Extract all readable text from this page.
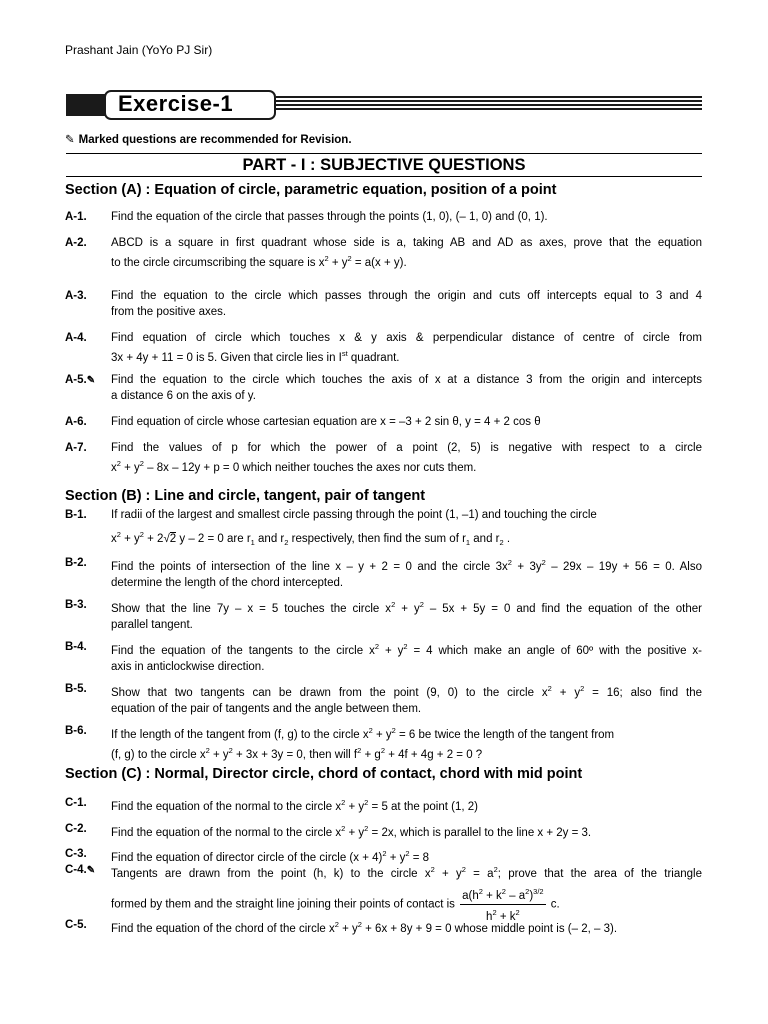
Prashant Jain (YoYo PJ Sir)
Exercise-1
✎ Marked questions are recommended for Revision.
PART - I : SUBJECTIVE QUESTIONS
Section (A) : Equation of circle, parametric equation, position of a point
A-1.	Find the equation of the circle that passes through the points (1, 0), (– 1, 0) and (0, 1).
A-2.	ABCD is a square in first quadrant whose side is a, taking AB and AD as axes, prove that the equation
to the circle circumscribing the square is $x^2 + y^2 = a(x + y)$.
A-3.	Find the equation to the circle which passes through the origin and cuts off intercepts equal to 3 and 4
from the positive axes.
A-4.	Find equation of circle which touches x & y axis & perpendicular distance of centre of circle from
3x + 4y + 11 = 0 is 5. Given that circle lies in Ist quadrant.
A-5.✎	Find the equation to the circle which touches the axis of x at a distance 3 from the origin and intercepts
a distance 6 on the axis of y.
A-6.	Find equation of circle whose cartesian equation are x = –3 + 2 sin θ, y = 4 + 2 cos θ
A-7.	Find the values of p for which the power of a point (2, 5) is negative with respect to a circle
$x^2 + y^2 - 8x - 12y + p = 0$ which neither touches the axes nor cuts them.
Section (B) : Line and circle, tangent, pair of tangent
B-1.	If radii of the largest and smallest circle passing through the point (1, –1) and touching the circle
$x^2 + y^2 + 2√2$ y – 2 = 0 are $r_1$ and $r_2$ respectively, then find the sum of $r_1$ and $r_2$ .
B-2.	Find the points of intersection of the line x – y + 2 = 0 and the circle $3x^2 + 3y^2 - 29x - 19y + 56 = 0$. Also
determine the length of the chord intercepted.
B-3.	Show that the line 7y – x = 5 touches the circle $x^2 + y^2 - 5x + 5y = 0$ and find the equation of the other
parallel tangent.
B-4.	Find the equation of the tangents to the circle $x^2 + y^2 = 4$ which make an angle of 60º with the positive x-
axis in anticlockwise direction.
B-5.	Show that two tangents can be drawn from the point (9, 0) to the circle $x^2 + y^2 = 16$; also find the
equation of the pair of tangents and the angle between them.
B-6.	If the length of the tangent from (f, g) to the circle $x^2 + y^2 = 6$ be twice the length of the tangent from
(f, g) to the circle $x^2 + y^2 + 3x + 3y = 0$, then will $f^2 + g^2 + 4f + 4g + 2 = 0$ ?
Section (C) : Normal, Director circle, chord of contact, chord with mid point
C-1.	Find the equation of the normal to the circle $x^2 + y^2 = 5$ at the point (1, 2)
C-2.	Find the equation of the normal to the circle $x^2 + y^2 = 2x$, which is parallel to the line x + 2y = 3.
C-3.	Find the equation of director circle of the circle $(x + 4)^2 + y^2 = 8$
C-4.✎	Tangents are drawn from the point (h, k) to the circle $x^2 + y^2 = a^2$; prove that the area of the triangle
formed by them and the straight line joining their points of contact is $\frac{a(h^2 + k^2 - a^2)^{3/2}}{h^2 + k^2} c$.
C-5.	Find the equation of the chord of the circle $x^2 + y^2 + 6x + 8y + 9 = 0$ whose middle point is (– 2, – 3).
